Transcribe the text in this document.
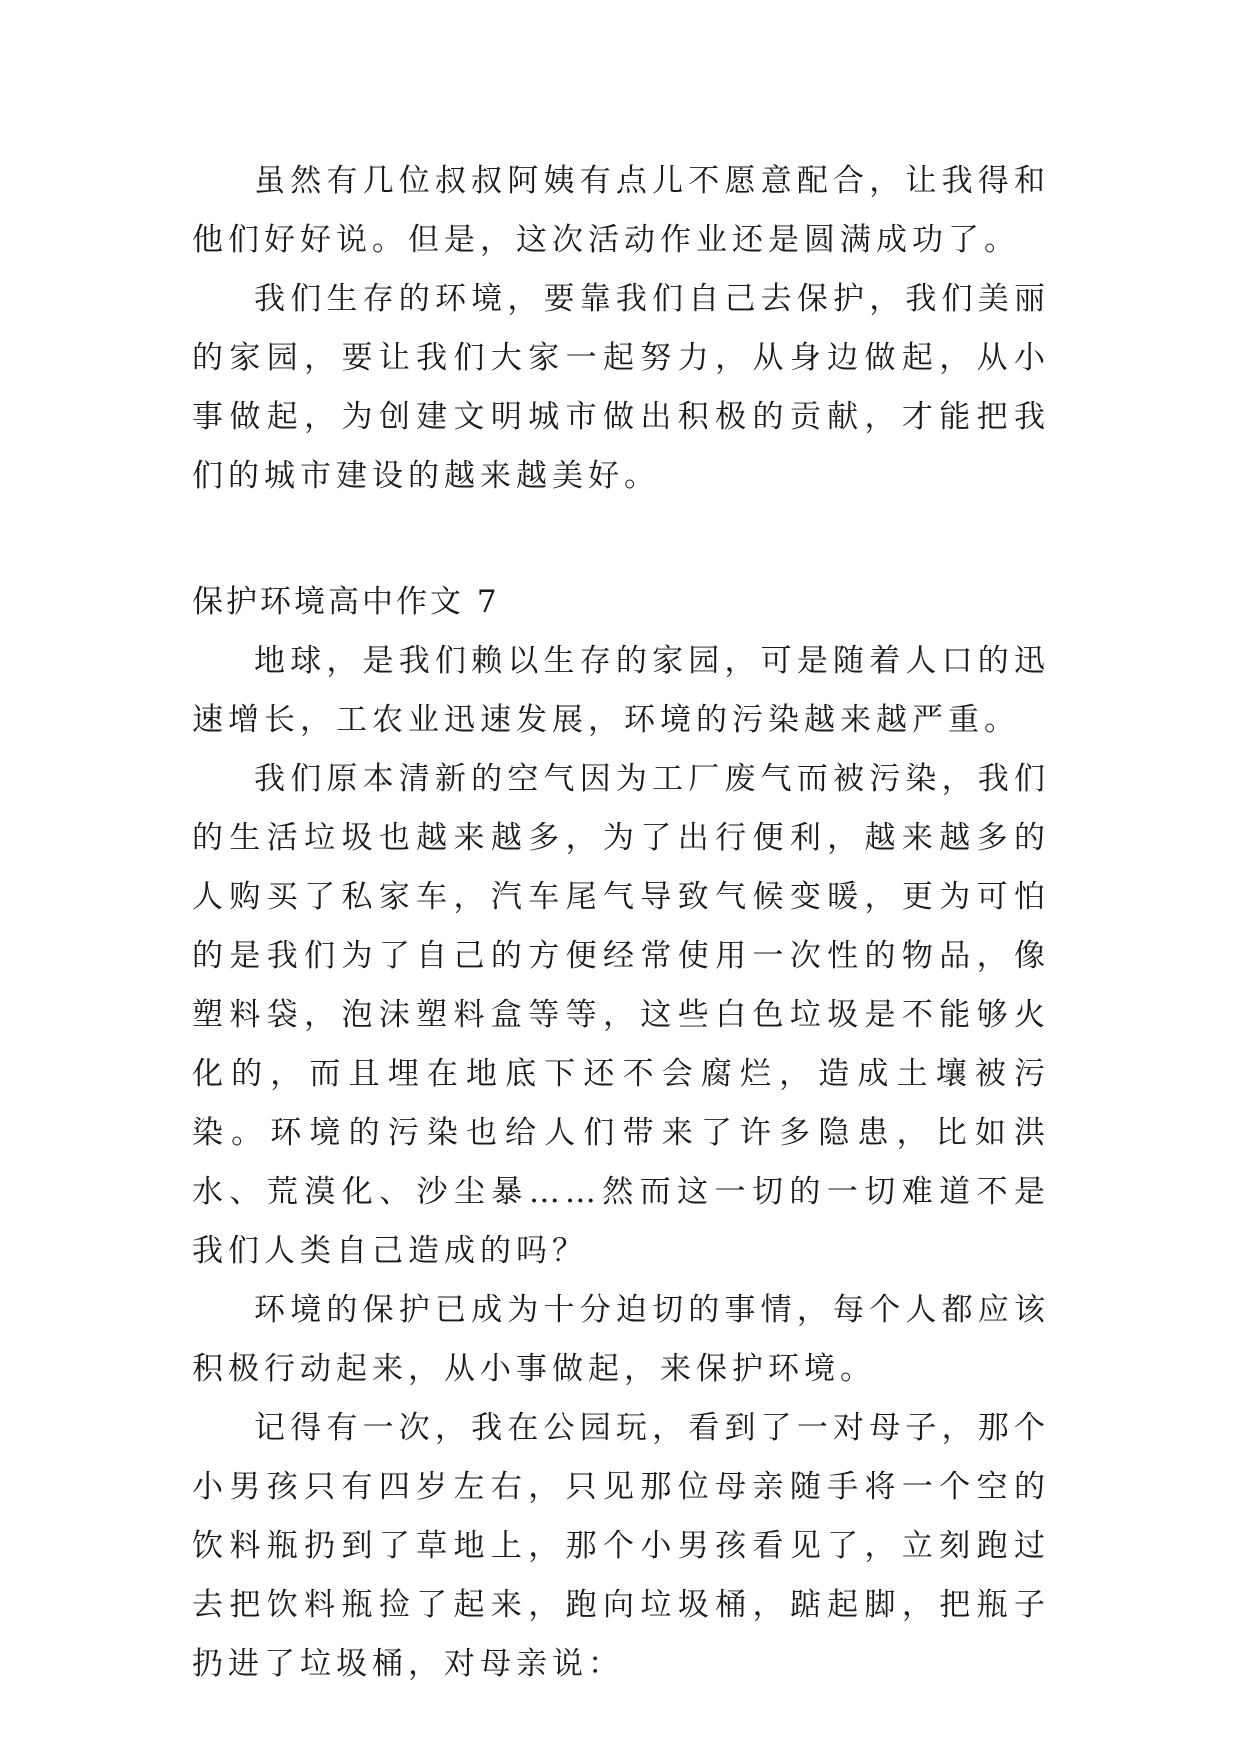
虽然有几位叔叔阿姨有点儿不愿意配合，让我得和他们好好说。但是，这次活动作业还是圆满成功了。

我们生存的环境，要靠我们自己去保护，我们美丽的家园，要让我们大家一起努力，从身边做起，从小事做起，为创建文明城市做出积极的贡献，才能把我们的城市建设的越来越美好。

保护环境高中作文 7

地球，是我们赖以生存的家园，可是随着人口的迅速增长，工农业迅速发展，环境的污染越来越严重。

我们原本清新的空气因为工厂废气而被污染，我们的生活垃圾也越来越多，为了出行便利，越来越多的人购买了私家车，汽车尾气导致气候变暖，更为可怕的是我们为了自己的方便经常使用一次性的物品，像塑料袋，泡沫塑料盒等等，这些白色垃圾是不能够火化的，而且埋在地底下还不会腐烂，造成土壤被污染。环境的污染也给人们带来了许多隐患，比如洪水、荒漠化、沙尘暴……然而这一切的一切难道不是我们人类自己造成的吗？

环境的保护已成为十分迫切的事情，每个人都应该积极行动起来，从小事做起，来保护环境。

记得有一次，我在公园玩，看到了一对母子，那个小男孩只有四岁左右，只见那位母亲随手将一个空的饮料瓶扔到了草地上，那个小男孩看见了，立刻跑过去把饮料瓶捡了起来，跑向垃圾桶，踮起脚，把瓶子扔进了垃圾桶，对母亲说：
